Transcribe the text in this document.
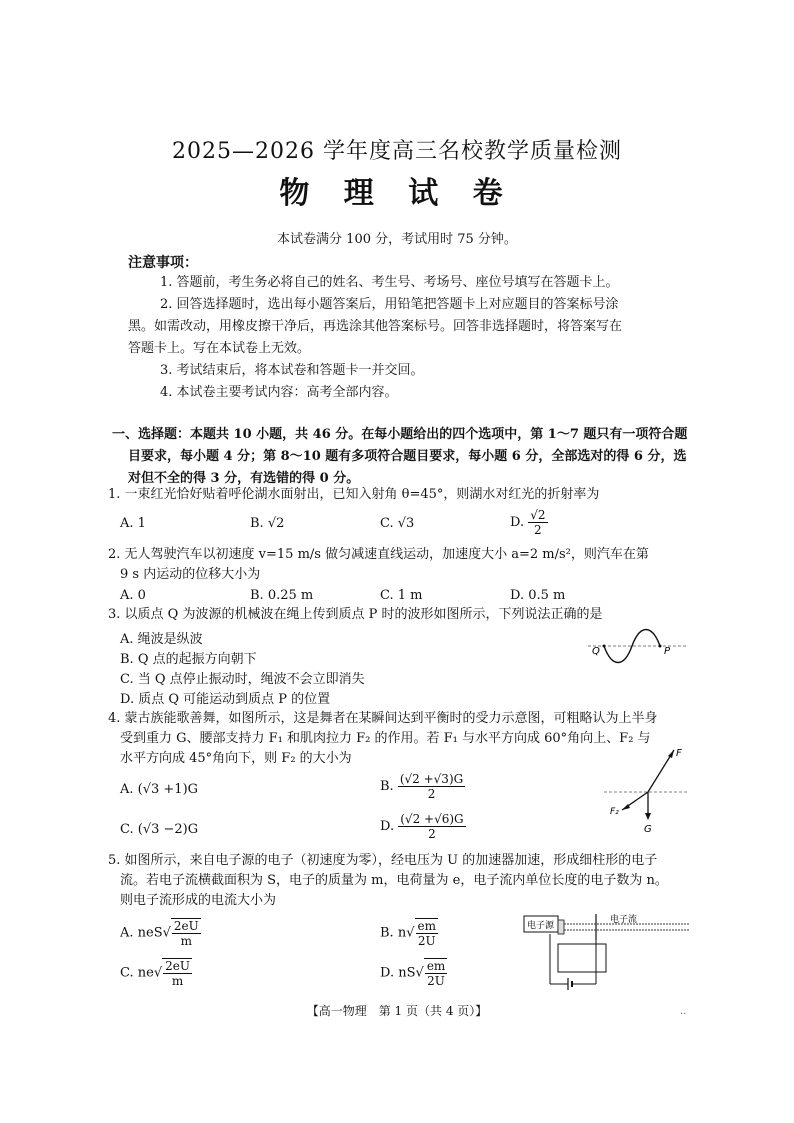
2025—2026 学年度高三名校教学质量检测
物 理 试 卷
本试卷满分 100 分，考试用时 75 分钟。
注意事项：
1. 答题前，考生务必将自己的姓名、考生号、考场号、座位号填写在答题卡上。
2. 回答选择题时，选出每小题答案后，用铅笔把答题卡上对应题目的答案标号涂
黑。如需改动，用橡皮擦干净后，再选涂其他答案标号。回答非选择题时，将答案写在
答题卡上。写在本试卷上无效。
3. 考试结束后，将本试卷和答题卡一并交回。
4. 本试卷主要考试内容：高考全部内容。
一、选择题：本题共 10 小题，共 46 分。在每小题给出的四个选项中，第 1～7 题只有一项符合题
目要求，每小题 4 分；第 8～10 题有多项符合题目要求，每小题 6 分，全部选对的得 6 分，选
对但不全的得 3 分，有选错的得 0 分。
1. 一束红光恰好贴着呼伦湖水面射出，已知入射角 θ=45°，则湖水对红光的折射率为
A. 1	B. √2	C. √3	D. $\frac{√2}{2}$
2. 无人驾驶汽车以初速度 v=15 m/s 做匀减速直线运动，加速度大小 a=2 m/s²，则汽车在第
9 s 内运动的位移大小为
A. 0	B. 0.25 m	C. 1 m	D. 0.5 m
3. 以质点 Q 为波源的机械波在绳上传到质点 P 时的波形如图所示，下列说法正确的是
A. 绳波是纵波
B. Q 点的起振方向朝下
C. 当 Q 点停止振动时，绳波不会立即消失
D. 质点 Q 可能运动到质点 P 的位置
Q	P
4. 蒙古族能歌善舞，如图所示，这是舞者在某瞬间达到平衡时的受力示意图，可粗略认为上半身
受到重力 G、腰部支持力 F₁ 和肌肉拉力 F₂ 的作用。若 F₁ 与水平方向成 60°角向上、F₂ 与
水平方向成 45°角向下，则 F₂ 的大小为
A. (√3 +1)G	B. $\frac{(√2 +√3)G}{2}$
C. (√3 −2)G	D. $\frac{(√2 +√6)G}{2}$
F
F₂
G
5. 如图所示，来自电子源的电子（初速度为零），经电压为 U 的加速器加速，形成细柱形的电子
流。若电子流横截面积为 S，电子的质量为 m，电荷量为 e，电子流内单位长度的电子数为 n。
则电子流形成的电流大小为
A. $neS√ \frac{2eU}{m}$	B. $n√ \frac{em}{2U}$
C. $ne√ \frac{2eU}{m}$	D. $nS√ \frac{em}{2U}$
电子源
电子流
【高一物理　第 1 页（共 4 页）】	..
